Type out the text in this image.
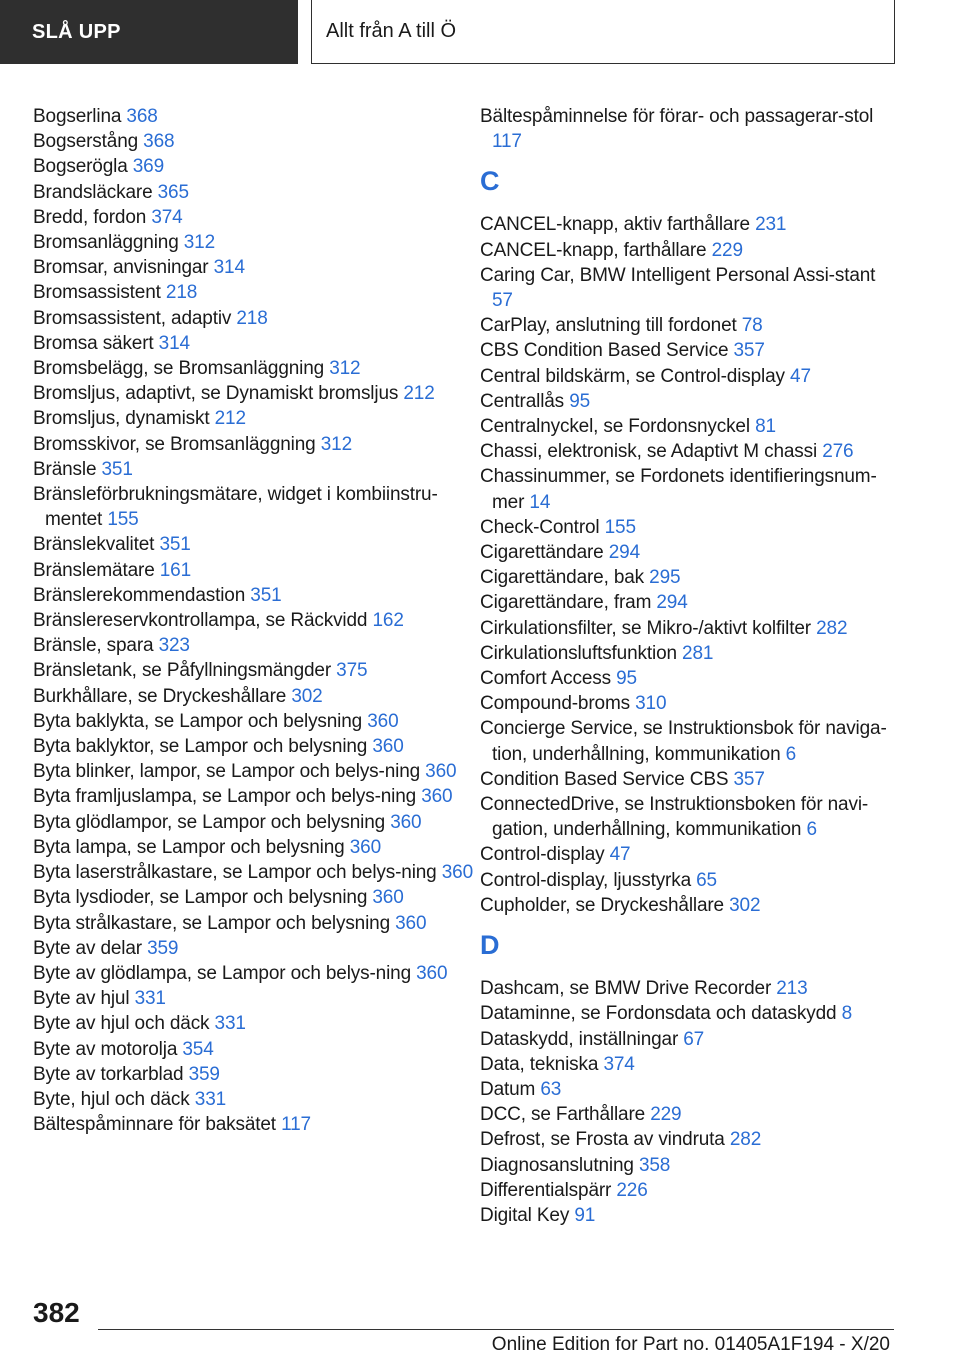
SLÅ UPP	Allt från A till Ö
Bogserlina 368
Bogserstång 368
Bogserögla 369
Brandsläckare 365
Bredd, fordon 374
Bromsanläggning 312
Bromsar, anvisningar 314
Bromsassistent 218
Bromsassistent, adaptiv 218
Bromsa säkert 314
Bromsbelägg, se Bromsanläggning 312
Bromsljus, adaptivt, se Dynamiskt bromsljus 212
Bromsljus, dynamiskt 212
Bromsskivor, se Bromsanläggning 312
Bränsle 351
Bränsleförbrukningsmätare, widget i kombiinstru‐mentet 155
Bränslekvalitet 351
Bränslemätare 161
Bränslerekommendastion 351
Bränslereservkontrollampa, se Räckvidd 162
Bränsle, spara 323
Bränsletank, se Påfyllningsmängder 375
Burkhållare, se Dryckeshållare 302
Byta baklykta, se Lampor och belysning 360
Byta baklyktor, se Lampor och belysning 360
Byta blinker, lampor, se Lampor och belys‐ning 360
Byta framljuslampa, se Lampor och belys‐ning 360
Byta glödlampor, se Lampor och belysning 360
Byta lampa, se Lampor och belysning 360
Byta laserstrålkastare, se Lampor och belys‐ning 360
Byta lysdioder, se Lampor och belysning 360
Byta strålkastare, se Lampor och belysning 360
Byte av delar 359
Byte av glödlampa, se Lampor och belys‐ning 360
Byte av hjul 331
Byte av hjul och däck 331
Byte av motorolja 354
Byte av torkarblad 359
Byte, hjul och däck 331
Bältespåminnare för baksätet 117
Bältespåminnelse för förar- och passagerar‐stol 117
C
CANCEL-knapp, aktiv farthållare 231
CANCEL-knapp, farthållare 229
Caring Car, BMW Intelligent Personal Assi‐stant 57
CarPlay, anslutning till fordonet 78
CBS Condition Based Service 357
Central bildskärm, se Control-display 47
Centrallås 95
Centralnyckel, se Fordonsnyckel 81
Chassi, elektronisk, se Adaptivt M chassi 276
Chassinummer, se Fordonets identifieringsnum‐mer 14
Check-Control 155
Cigarettändare 294
Cigarettändare, bak 295
Cigarettändare, fram 294
Cirkulationsfilter, se Mikro-/aktivt kolfilter 282
Cirkulationsluftsfunktion 281
Comfort Access 95
Compound-broms 310
Concierge Service, se Instruktionsbok för naviga‐tion, underhållning, kommunikation 6
Condition Based Service CBS 357
ConnectedDrive, se Instruktionsboken för navi‐gation, underhållning, kommunikation 6
Control-display 47
Control-display, ljusstyrka 65
Cupholder, se Dryckeshållare 302
D
Dashcam, se BMW Drive Recorder 213
Dataminne, se Fordonsdata och dataskydd 8
Dataskydd, inställningar 67
Data, tekniska 374
Datum 63
DCC, se Farthållare 229
Defrost, se Frosta av vindruta 282
Diagnosanslutning 358
Differentialspärr 226
Digital Key 91
382
Online Edition for Part no. 01405A1F194 - X/20
